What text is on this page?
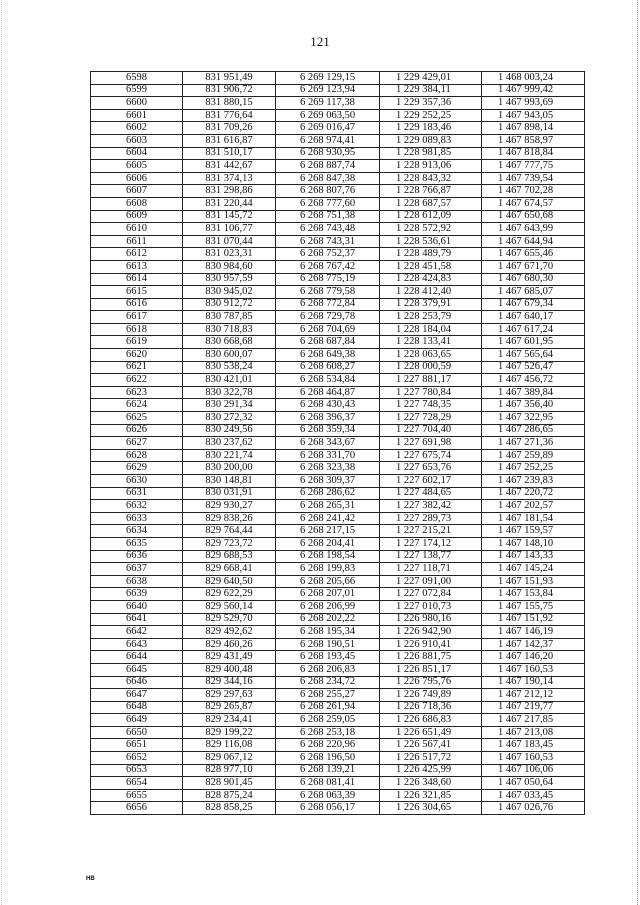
121
6598	831 951,49	6 269 129,15	1 229 429,01	1 468 003,24
6599	831 906,72	6 269 123,94	1 229 384,11	1 467 999,42
6600	831 880,15	6 269 117,38	1 229 357,36	1 467 993,69
6601	831 776,64	6 269 063,50	1 229 252,25	1 467 943,05
6602	831 709,26	6 269 016,47	1 229 183,46	1 467 898,14
6603	831 616,87	6 268 974,41	1 229 089,83	1 467 858,97
6604	831 510,17	6 268 930,95	1 228 981,85	1 467 818,84
6605	831 442,67	6 268 887,74	1 228 913,06	1 467 777,75
6606	831 374,13	6 268 847,38	1 228 843,32	1 467 739,54
6607	831 298,86	6 268 807,76	1 228 766,87	1 467 702,28
6608	831 220,44	6 268 777,60	1 228 687,57	1 467 674,57
6609	831 145,72	6 268 751,38	1 228 612,09	1 467 650,68
6610	831 106,77	6 268 743,48	1 228 572,92	1 467 643,99
6611	831 070,44	6 268 743,31	1 228 536,61	1 467 644,94
6612	831 023,31	6 268 752,37	1 228 489,79	1 467 655,46
6613	830 984,60	6 268 767,42	1 228 451,58	1 467 671,70
6614	830 957,59	6 268 775,19	1 228 424,83	1 467 680,30
6615	830 945,02	6 268 779,58	1 228 412,40	1 467 685,07
6616	830 912,72	6 268 772,84	1 228 379,91	1 467 679,34
6617	830 787,85	6 268 729,78	1 228 253,79	1 467 640,17
6618	830 718,83	6 268 704,69	1 228 184,04	1 467 617,24
6619	830 668,68	6 268 687,84	1 228 133,41	1 467 601,95
6620	830 600,07	6 268 649,38	1 228 063,65	1 467 565,64
6621	830 538,24	6 268 608,27	1 228 000,59	1 467 526,47
6622	830 421,01	6 268 534,84	1 227 881,17	1 467 456,72
6623	830 322,78	6 268 464,87	1 227 780,84	1 467 389,84
6624	830 291,34	6 268 430,43	1 227 748,35	1 467 356,40
6625	830 272,32	6 268 396,37	1 227 728,29	1 467 322,95
6626	830 249,56	6 268 359,34	1 227 704,40	1 467 286,65
6627	830 237,62	6 268 343,67	1 227 691,98	1 467 271,36
6628	830 221,74	6 268 331,70	1 227 675,74	1 467 259,89
6629	830 200,00	6 268 323,38	1 227 653,76	1 467 252,25
6630	830 148,81	6 268 309,37	1 227 602,17	1 467 239,83
6631	830 031,91	6 268 286,62	1 227 484,65	1 467 220,72
6632	829 930,27	6 268 265,31	1 227 382,42	1 467 202,57
6633	829 838,26	6 268 241,42	1 227 289,73	1 467 181,54
6634	829 764,44	6 268 217,15	1 227 215,21	1 467 159,57
6635	829 723,72	6 268 204,41	1 227 174,12	1 467 148,10
6636	829 688,53	6 268 198,54	1 227 138,77	1 467 143,33
6637	829 668,41	6 268 199,83	1 227 118,71	1 467 145,24
6638	829 640,50	6 268 205,66	1 227 091,00	1 467 151,93
6639	829 622,29	6 268 207,01	1 227 072,84	1 467 153,84
6640	829 560,14	6 268 206,99	1 227 010,73	1 467 155,75
6641	829 529,70	6 268 202,22	1 226 980,16	1 467 151,92
6642	829 492,62	6 268 195,34	1 226 942,90	1 467 146,19
6643	829 460,26	6 268 190,51	1 226 910,41	1 467 142,37
6644	829 431,49	6 268 193,45	1 226 881,75	1 467 146,20
6645	829 400,48	6 268 206,83	1 226 851,17	1 467 160,53
6646	829 344,16	6 268 234,72	1 226 795,76	1 467 190,14
6647	829 297,63	6 268 255,27	1 226 749,89	1 467 212,12
6648	829 265,87	6 268 261,94	1 226 718,36	1 467 219,77
6649	829 234,41	6 268 259,05	1 226 686,83	1 467 217,85
6650	829 199,22	6 268 253,18	1 226 651,49	1 467 213,08
6651	829 116,08	6 268 220,96	1 226 567,41	1 467 183,45
6652	829 067,12	6 268 196,50	1 226 517,72	1 467 160,53
6653	828 977,10	6 268 139,21	1 226 425,99	1 467 106,06
6654	828 901,45	6 268 081,41	1 226 348,60	1 467 050,64
6655	828 875,24	6 268 063,39	1 226 321,85	1 467 033,45
6656	828 858,25	6 268 056,17	1 226 304,65	1 467 026,76
НВ
